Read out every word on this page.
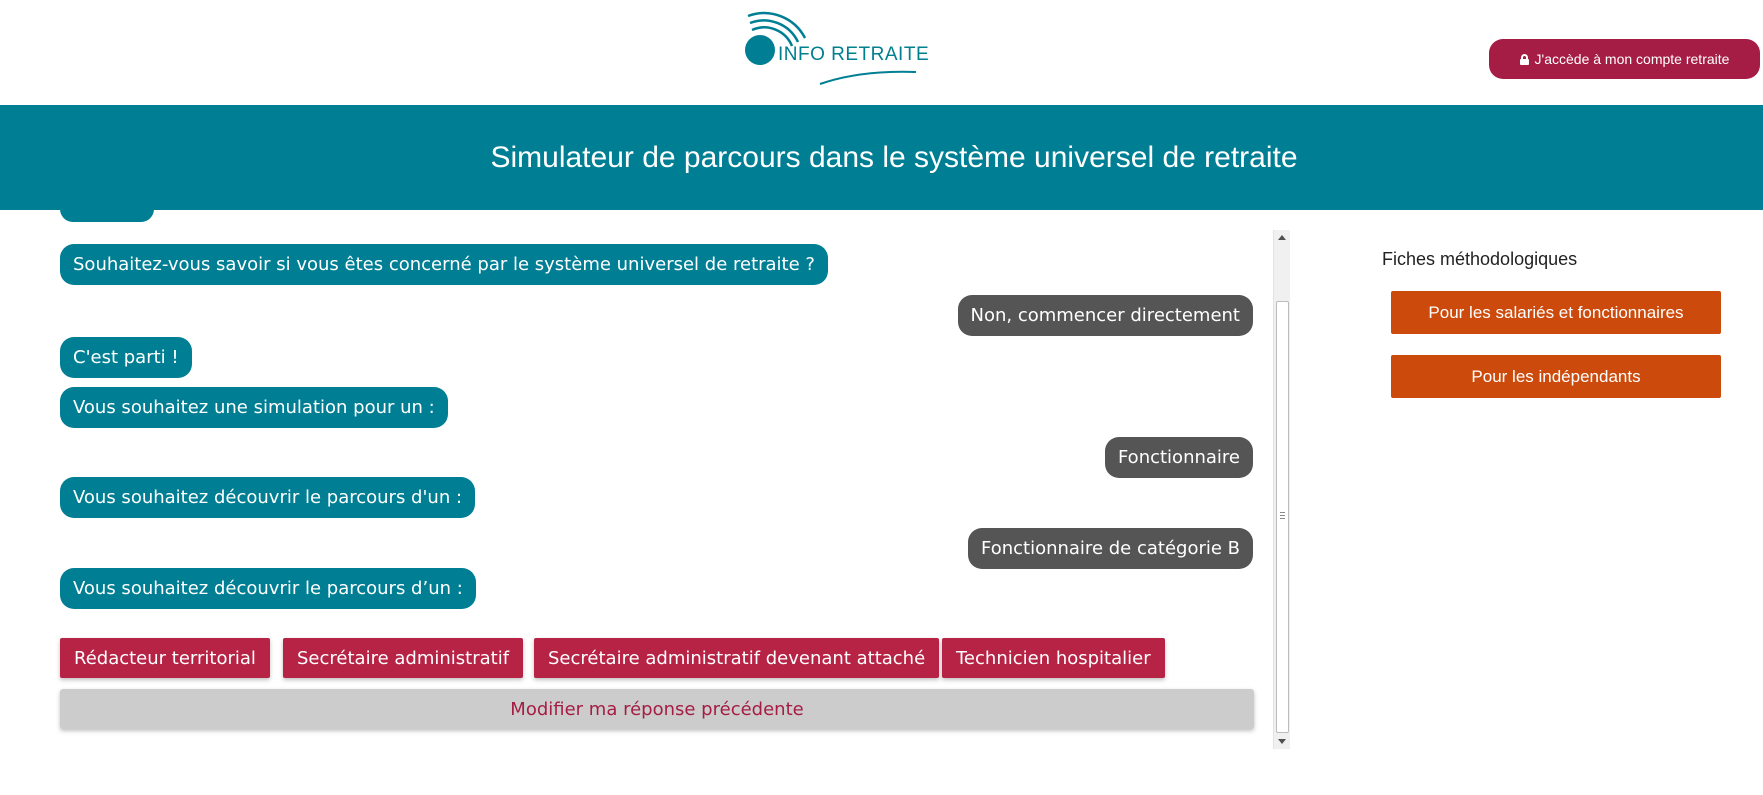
INFO RETRAITE	J'accède à mon compte retraite
Simulateur de parcours dans le système universel de retraite
Souhaitez-vous savoir si vous êtes concerné par le système universel de retraite ?
Non, commencer directement
C'est parti !
Vous souhaitez une simulation pour un :
Fonctionnaire
Vous souhaitez découvrir le parcours d'un :
Fonctionnaire de catégorie B
Vous souhaitez découvrir le parcours d’un :
Rédacteur territorial	Secrétaire administratif	Secrétaire administratif devenant attaché	Technicien hospitalier
Modifier ma réponse précédente
Fiches méthodologiques
Pour les salariés et fonctionnaires
Pour les indépendants
